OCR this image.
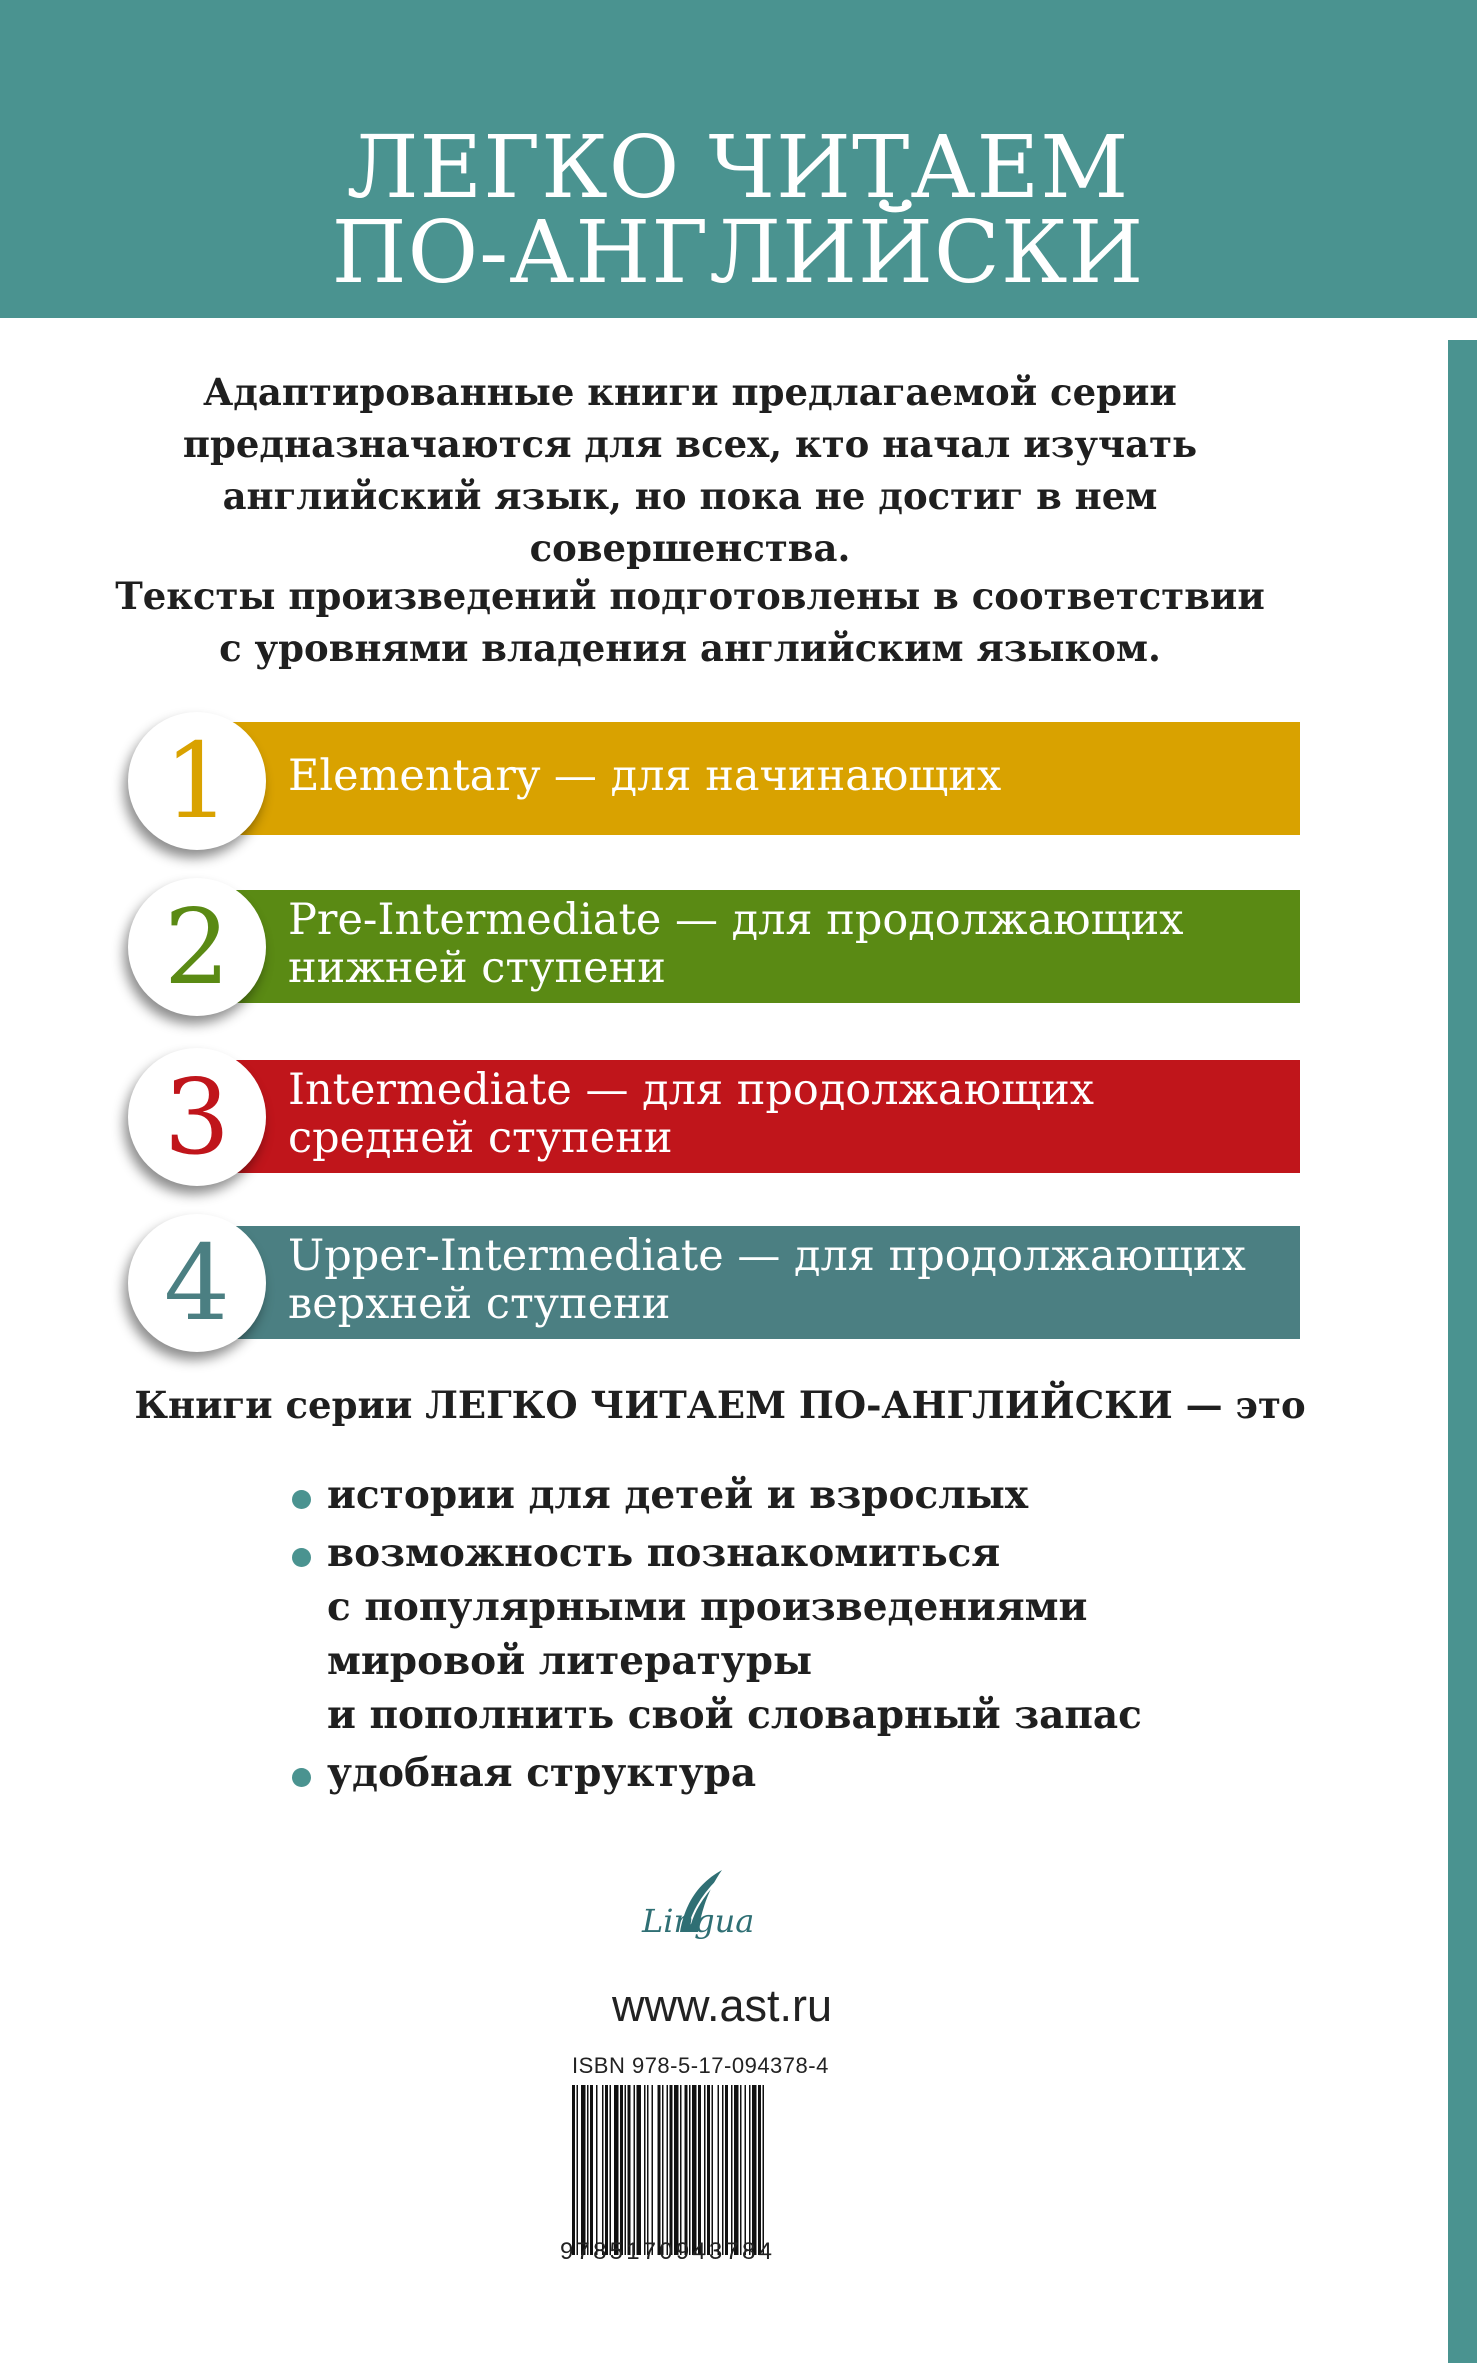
ЛЕГКО ЧИТАЕМ
ПО-АНГЛИЙСКИ
Адаптированные книги предлагаемой серии
предназначаются для всех, кто начал изучать
английский язык, но пока не достиг в нем
совершенства.
Тексты произведений подготовлены в соответствии
с уровнями владения английским языком.
Elementary — для начинающих
1
Pre-Intermediate — для продолжающих
нижней ступени
2
Intermediate — для продолжающих
средней ступени
3
Upper-Intermediate — для продолжающих
верхней ступени
4
Книги серии ЛЕГКО ЧИТАЕМ ПО-АНГЛИЙСКИ — это
истории для детей и взрослых
возможность познакомиться
с популярными произведениями
мировой литературы
и пополнить свой словарный запас
удобная структура
Lingua
www.ast.ru
ISBN 978-5-17-094378-4
9785170943784
